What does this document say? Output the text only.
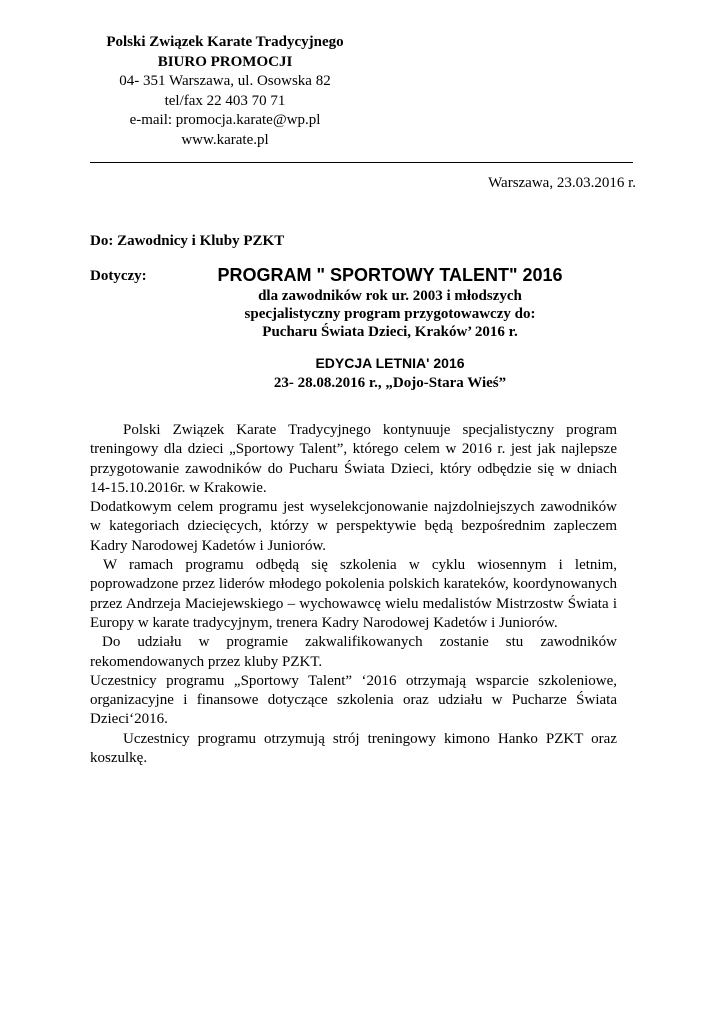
Polski Związek Karate Tradycyjnego
BIURO PROMOCJI
04- 351 Warszawa, ul. Osowska 82
tel/fax 22 403 70 71
e-mail: promocja.karate@wp.pl
www.karate.pl
Warszawa, 23.03.2016 r.
Do: Zawodnicy i Kluby PZKT
Dotyczy:	PROGRAM " SPORTOWY TALENT" 2016
dla zawodników rok ur. 2003 i młodszych
specjalistyczny program przygotowawczy do:
Pucharu Świata Dzieci, Kraków’ 2016 r.
EDYCJA LETNIA' 2016
23- 28.08.2016 r., „Dojo-Stara Wieś”

Polski Związek Karate Tradycyjnego kontynuuje specjalistyczny program treningowy dla dzieci „Sportowy Talent”, którego celem w 2016 r. jest jak najlepsze przygotowanie zawodników do Pucharu Świata Dzieci, który odbędzie się w dniach 14-15.10.2016r. w Krakowie.

Dodatkowym celem programu jest wyselekcjonowanie najzdolniejszych zawodników w kategoriach dziecięcych, którzy w perspektywie będą bezpośrednim zapleczem Kadry Narodowej Kadetów i Juniorów.

W ramach programu odbędą się szkolenia w cyklu wiosennym i letnim, poprowadzone przez liderów młodego pokolenia polskich karateków, koordynowanych przez Andrzeja Maciejewskiego – wychowawcę wielu medalistów Mistrzostw Świata i Europy w karate tradycyjnym, trenera Kadry Narodowej Kadetów i Juniorów.

Do udziału w programie zakwalifikowanych zostanie stu zawodników rekomendowanych przez kluby PZKT.

Uczestnicy programu „Sportowy Talent” ‘2016 otrzymają wsparcie szkoleniowe, organizacyjne i finansowe dotyczące szkolenia oraz udziału w Pucharze Świata Dzieci‘2016.

Uczestnicy programu otrzymują strój treningowy kimono Hanko PZKT oraz koszulkę.
